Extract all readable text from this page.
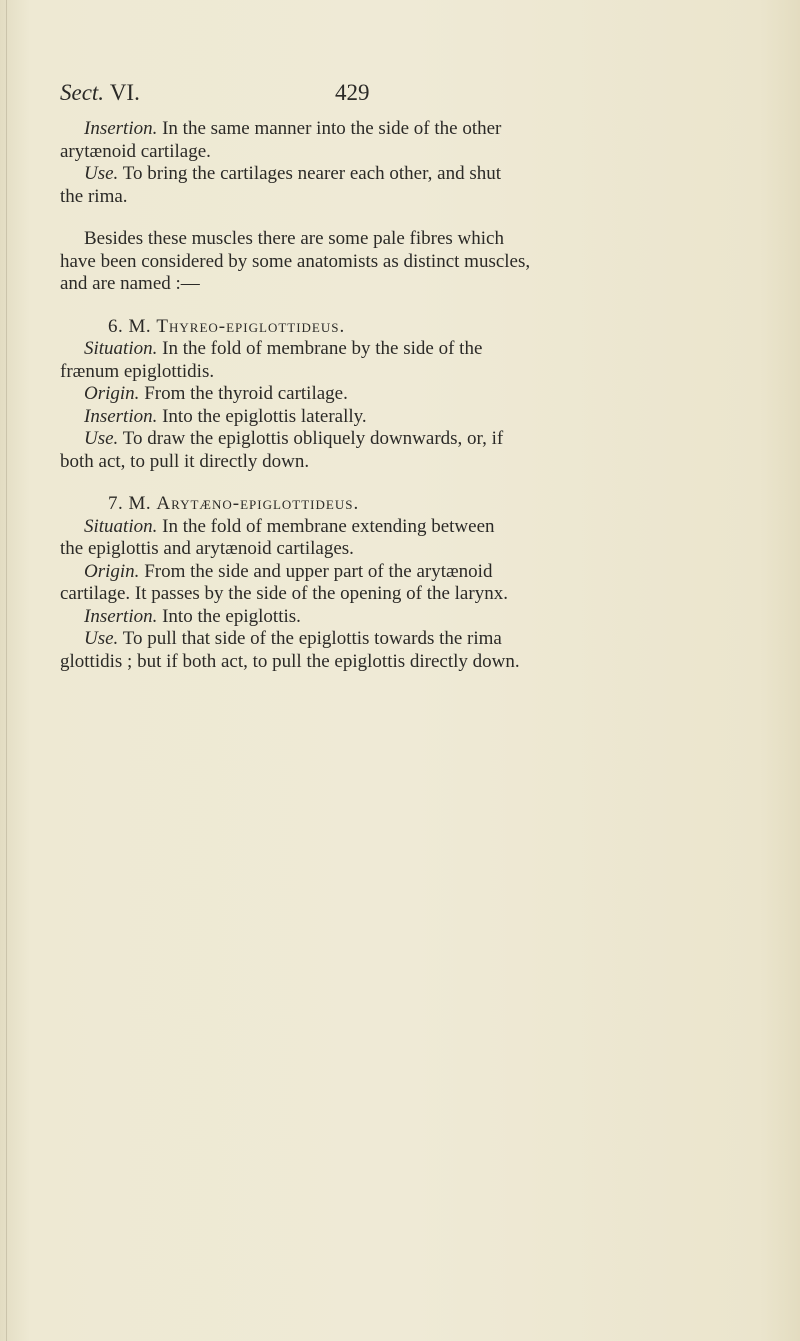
Sect. VI.	429

Insertion. In the same manner into the side of the other

arytænoid cartilage.

Use. To bring the cartilages nearer each other, and shut

the rima.

Besides these muscles there are some pale fibres which

have been considered by some anatomists as distinct muscles,

and are named :—

6. M. Thyreo-epiglottideus.

Situation. In the fold of membrane by the side of the

frænum epiglottidis.

Origin. From the thyroid cartilage.

Insertion. Into the epiglottis laterally.

Use. To draw the epiglottis obliquely downwards, or, if

both act, to pull it directly down.

7. M. Arytæno-epiglottideus.

Situation. In the fold of membrane extending between

the epiglottis and arytænoid cartilages.

Origin. From the side and upper part of the arytænoid

cartilage. It passes by the side of the opening of the larynx.

Insertion. Into the epiglottis.

Use. To pull that side of the epiglottis towards the rima

glottidis ; but if both act, to pull the epiglottis directly down.
